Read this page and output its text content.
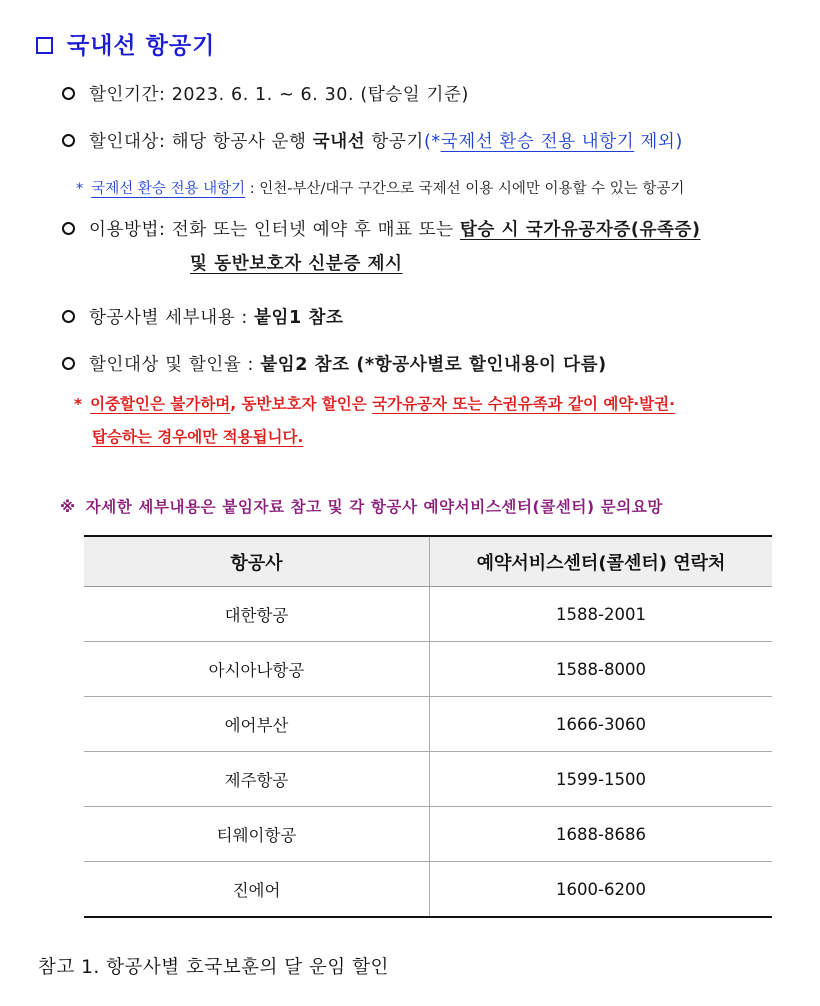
국내선 항공기
할인기간: 2023. 6. 1. ~ 6. 30. (탑승일 기준)
할인대상: 해당 항공사 운행 국내선 항공기(*국제선 환승 전용 내항기 제외)
* 국제선 환승 전용 내항기 : 인천-부산/대구 구간으로 국제선 이용 시에만 이용할 수 있는 항공기
이용방법: 전화 또는 인터넷 예약 후 매표 또는 탑승 시 국가유공자증(유족증)
및 동반보호자 신분증 제시
항공사별 세부내용 : 붙임1 참조
할인대상 및 할인율 : 붙임2 참조 (*항공사별로 할인내용이 다름)
* 이중할인은 불가하며, 동반보호자 할인은 국가유공자 또는 수권유족과 같이 예약·발권·
탑승하는 경우에만 적용됩니다.
※ 자세한 세부내용은 붙임자료 참고 및 각 항공사 예약서비스센터(콜센터) 문의요망
항공사	예약서비스센터(콜센터) 연락처
대한항공	1588-2001
아시아나항공	1588-8000
에어부산	1666-3060
제주항공	1599-1500
티웨이항공	1688-8686
진에어	1600-6200
참고 1. 항공사별 호국보훈의 달 운임 할인
